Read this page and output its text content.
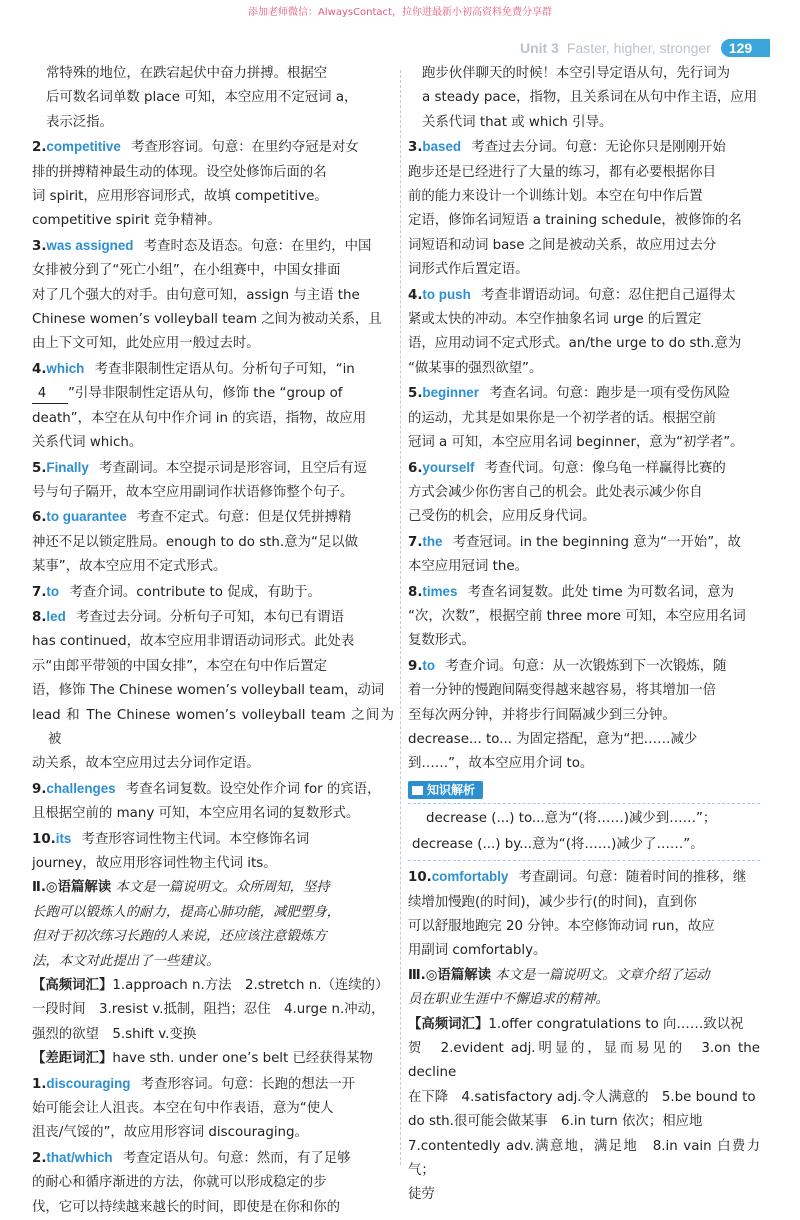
添加老师微信：AlwaysContact，拉你进最新小初高资料免费分享群
Unit 3 Faster, higher, stronger	129
常特殊的地位，在跌宕起伏中奋力拼搏。根据空
后可数名词单数 place 可知，本空应用不定冠词 a，
表示泛指。
2.competitive 考查形容词。句意：在里约夺冠是对女
排的拼搏精神最生动的体现。设空处修饰后面的名
词 spirit，应用形容词形式，故填 competitive。
competitive spirit 竞争精神。
3.was assigned 考查时态及语态。句意：在里约，中国
女排被分到了“死亡小组”，在小组赛中，中国女排面
对了几个强大的对手。由句意可知，assign 与主语 the
Chinese women’s volleyball team 之间为被动关系，且
由上下文可知，此处应用一般过去时。
4.which 考查非限制性定语从句。分析句子可知，“in
4 ”引导非限制性定语从句，修饰 the “group of
death”，本空在从句中作介词 in 的宾语，指物，故应用
关系代词 which。
5.Finally 考查副词。本空提示词是形容词，且空后有逗
号与句子隔开，故本空应用副词作状语修饰整个句子。
6.to guarantee 考查不定式。句意：但是仅凭拼搏精
神还不足以锁定胜局。enough to do sth.意为“足以做
某事”，故本空应用不定式形式。
7.to 考查介词。contribute to 促成，有助于。
8.led 考查过去分词。分析句子可知，本句已有谓语
has continued，故本空应用非谓语动词形式。此处表
示“由郎平带领的中国女排”，本空在句中作后置定
语，修饰 The Chinese women’s volleyball team，动词
lead 和 The Chinese women’s volleyball team 之间为被
动关系，故本空应用过去分词作定语。
9.challenges 考查名词复数。设空处作介词 for 的宾语，
且根据空前的 many 可知，本空应用名词的复数形式。
10.its 考查形容词性物主代词。本空修饰名词
journey，故应用形容词性物主代词 its。
Ⅱ.◎语篇解读 本文是一篇说明文。众所周知，坚持
长跑可以锻炼人的耐力，提高心肺功能，减肥塑身，
但对于初次练习长跑的人来说，还应该注意锻炼方
法，本文对此提出了一些建议。
【高频词汇】1.approach n.方法　2.stretch n.（连续的）
一段时间　3.resist v.抵制，阻挡；忍住　4.urge n.冲动，
强烈的欲望　5.shift v.变换
【差距词汇】have sth. under one’s belt 已经获得某物
1.discouraging 考查形容词。句意：长跑的想法一开
始可能会让人沮丧。本空在句中作表语，意为“使人
沮丧/气馁的”，故应用形容词 discouraging。
2.that/which 考查定语从句。句意：然而，有了足够
的耐心和循序渐进的方法，你就可以形成稳定的步
伐，它可以持续越来越长的时间，即使是在你和你的
跑步伙伴聊天的时候！本空引导定语从句，先行词为
a steady pace，指物，且关系词在从句中作主语，应用
关系代词 that 或 which 引导。
3.based 考查过去分词。句意：无论你只是刚刚开始
跑步还是已经进行了大量的练习，都有必要根据你目
前的能力来设计一个训练计划。本空在句中作后置
定语，修饰名词短语 a training schedule，被修饰的名
词短语和动词 base 之间是被动关系，故应用过去分
词形式作后置定语。
4.to push 考查非谓语动词。句意：忍住把自己逼得太
紧或太快的冲动。本空作抽象名词 urge 的后置定
语，应用动词不定式形式。an/the urge to do sth.意为
“做某事的强烈欲望”。
5.beginner 考查名词。句意：跑步是一项有受伤风险
的运动，尤其是如果你是一个初学者的话。根据空前
冠词 a 可知，本空应用名词 beginner，意为“初学者”。
6.yourself 考查代词。句意：像乌龟一样赢得比赛的
方式会减少你伤害自己的机会。此处表示减少你自
己受伤的机会，应用反身代词。
7.the 考查冠词。in the beginning 意为“一开始”，故
本空应用冠词 the。
8.times 考查名词复数。此处 time 为可数名词，意为
“次，次数”，根据空前 three more 可知，本空应用名词
复数形式。
9.to 考查介词。句意：从一次锻炼到下一次锻炼，随
着一分钟的慢跑间隔变得越来越容易，将其增加一倍
至每次两分钟，并将步行间隔减少到三分钟。
decrease... to... 为固定搭配，意为“把……减少
到……”，故本空应用介词 to。
知识解析
decrease (...) to...意为“(将……)减少到……”；
decrease (...) by...意为“(将……)减少了……”。
10.comfortably 考查副词。句意：随着时间的推移，继
续增加慢跑(的时间)，减少步行(的时间)，直到你
可以舒服地跑完 20 分钟。本空修饰动词 run，故应
用副词 comfortably。
Ⅲ.◎语篇解读 本文是一篇说明文。文章介绍了运动
员在职业生涯中不懈追求的精神。
【高频词汇】1.offer congratulations to 向……致以祝
贺　2.evident adj.明显的，显而易见的　3.on the decline
在下降　4.satisfactory adj.令人满意的　5.be bound to
do sth.很可能会做某事　6.in turn 依次；相应地
7.contentedly adv.满意地，满足地　8.in vain 白费力气；
徒劳
